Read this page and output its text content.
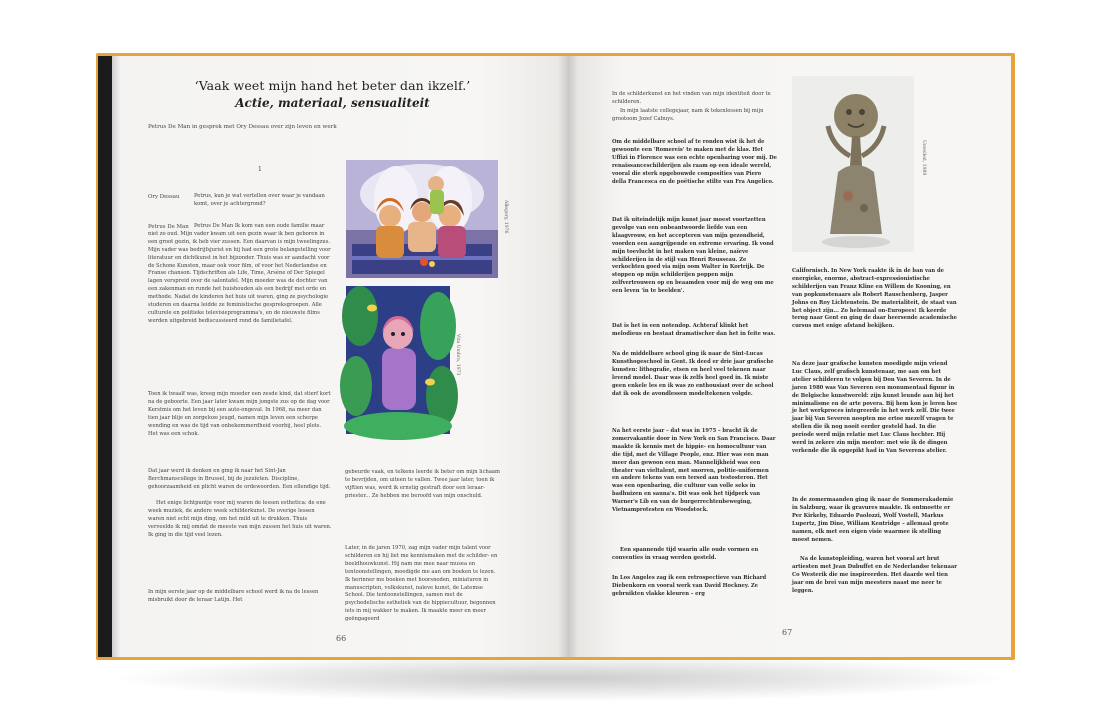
‘Vaak weet mijn hand het beter dan ikzelf.’
Actie, materiaal, sensualiteit
Petrus De Man in gesprek met Ory Dessau over zijn leven en werk
1
Ory Dessau	Petrus, kun je wat vertellen over waar je vandaan komt, over je achtergrond?

Petrus De Man	Petrus De Man Ik kom van een oude familie maar niet zo oud. Mijn vader kwam uit een gezin waar ik ben geboren in een groot gezin, ik heb vier zussen. Een daarvan is mijn tweelingzus. Mijn vader was bedrijfsjurist en hij had een grote belangstelling voor literatuur en dichtkunst in het bijzonder. Thuis was er aandacht voor de Schone Kunsten, maar ook voor film, of voor het Nederlandse en Franse chanson. Tijdschriften als Life, Time, Arsène of Der Spiegel lagen verspreid over de salontafel. Mijn moeder was de dochter van een zakenman en runde het huishouden als een bedrijf met orde en methode. Nadat de kinderen het huis uit waren, ging ze psychologie studeren en daarna leidde ze feministische gespreksgroepen. Alle culturele en politieke televisieprogramma's, en de nieuwste films werden uitgebreid bediscussieerd rond de familietafel.

Toen ik twaalf was, kreeg mijn moeder een zesde kind, dat stierf kort na de geboorte. Een jaar later kwam mijn jongste zus op de dag voor Kerstmis om het leven bij een auto-ongeval. In 1968, na meer dan tien jaar blije en zorgeloze jeugd, namen mijn leven een scherpe wending en was de tijd van onbekommerdheid voorbij, heel plots. Het was een schok.

Dat jaar werd ik denken en ging ik naar het Sint-Jan Berchmanscollege in Brussel, bij de jezuïeten. Discipline, gehoorzaamheid en plicht waren de ordewoorden. Een ellendige tijd.

Het enige lichtpuntje voor mij waren de lessen esthetica: de ene week muziek, de andere week schilderkunst. De overige lessen waren niet echt mijn ding, om het mild uit te drukken. Thuis verveelde ik mij omdat de meeste van mijn zussen het huis uit waren. Ik ging in die tijd veel lezen.

In mijn eerste jaar op de middelbare school werd ik na de lessen misbruikt door de leraar Latijn. Het

Allegory, 1976
Vita Umbra, 1973

gebeurde vaak, en telkens leerde ik beter om mijn lichaam te bevrijden, om uiteen te vallen. Twee jaar later, toen ik vijftien was, werd ik ernstig gestraft door een leraar-priester... Ze hebben me beroofd van mijn onschuld.

Later, in de jaren 1970, zag mijn vader mijn talent voor schilderen en hij liet me kennismaken met de schilder- en beeldhouwkunst. Hij nam me mee naar musea en tentoonstellingen, moedigde me aan om boeken te lezen. Ik herinner me boeken met hoorsnoden, miniaturen in manuscripten, volkskunst, naïeve kunst, de Latemse School. Die tentoonstellingen, samen met de psychedelische esthetiek van de hippiecultuur, begonnen iets in mij wakker te maken. Ik maakte meer en meer geëngageerd

66

In de schilderkunst en het vinden van mijn identiteit door te schilderen.

In mijn laatste collegejaar, nam ik tekenlessen bij mijn grootoom Jozef Cabuys.

Om de middelbare school af te ronden wist ik het de gewoonte een 'Romereis' te maken met de klas. Het Uffizi in Florence was een echte openbaring voor mij. De renaissanceschilderijen als raam op een ideale wereld, vooral die sterk opgebouwde composities van Piero della Francesca en de poëtische stilte van Fra Angelico.

Dat ik uiteindelijk mijn kunst jaar moest voortzetten gevolge van een onbeantwoorde liefde van een klaagvrouw, en het accepteren van mijn gezondheid, voorden een aangrijpende en extreme ervaring. Ik vond mijn toevlucht in het maken van kleine, naïeve schilderijen in de stijl van Henri Rousseau. Ze verkochten goed via mijn oom Walter in Kortrijk. De stoppen op mijn schilderijen poppen mijn zelfvertrouwen op en beaamden voor mij de weg om me een leven 'in te beelden'.

Dat is het in een notendop. Achteraf klinkt het melodieus en bestaat dramatischer dan het in feite was.

Na de middelbare school ging ik naar de Sint-Lucas Kunsthogeschool in Gent. Ik deed er drie jaar grafische kunsten: lithografie, etsen en heel veel tekenen naar levend model. Daar was ik zelfs heel goed in. Ik miste geen enkele les en ik was zo enthousiast over de school dat ik ook de avondlessen modeltekenen volgde.

Na het eerste jaar – dat was in 1975 – bracht ik de zomervakantie door in New York en San Francisco. Daar maakte ik kennis met de hippie- en homocultuur van die tijd, met de Village People, enz. Hier was een man meer dan gewoon een man. Mannelijkheid was een theater van vieltalent, met snorren, politie-uniformen en andere tekens van een tersed aan testosteron. Het was een openbaring, die cultuur van volle seks in badhuizen en sauna's. Dit was ook het tijdperk van Warner's Lib en van de burgerrechtenbeweging, Vietnamprotesten en Woodstock.

Een spannende tijd waarin alle oude vormen en conventies in vraag werden gesteld.

In Los Angeles zag ik een retrospectieve van Richard Diebenkorn en vooral werk van David Hockney. Ze gebruikten vlakke kleuren – erg

Unveiled, 1989

Californisch. In New York raakte ik in de ban van de energieke, enorme, abstract-expressionistische schilderijen van Franz Kline en Willem de Kooning, en van popkunstenaars als Robert Rauschenberg, Jasper Johns en Roy Lichtenstein. De materialiteit, de staat van het object zijn... Zo helemaal on-Europees! Ik keerde terug naar Gent en ging de daar heersende academische cursus met enige afstand bekijken.

Na deze jaar grafische kunsten moedigde mijn vriend Luc Claus, zelf grafisch kunstenaar, me aan om het atelier schilderen te volgen bij Don Van Severen. In de jaren 1980 was Van Severen een monumentaal figuur in de Belgische kunstwereld: zijn kunst leunde aan bij het minimalisme en de arte povera. Bij hem kon je leren hoe je het werkproces integreerde in het werk zelf. Die twee jaar bij Van Severen noopten me ertoe mezelf vragen te stellen die ik nog nooit eerder gesteld had. In die periode werd mijn relatie met Luc Claus hechter. Hij werd in zekere zin mijn mentor: met wie ik de dingen verkende die ik opgepikt had in Van Severens atelier.

In de zomermaanden ging ik naar de Sommerakademie in Salzburg, waar ik gravures maakte. Ik ontmoette er Per Kirkeby, Eduardo Paolozzi, Wolf Vostell, Markus Lupertz, Jim Dine, William Kentridge – allemaal grote namen, elk met een eigen visie waarmee ik stelling moest nemen.

Na de kunstopleiding, waren het vooral art brut artiesten met Jean Dubuffet en de Nederlandse tekenaar Co Westerik die me inspireerden. Het daarde wel tien jaar om de brei van mijn meesters naast me neer te leggen.

67
